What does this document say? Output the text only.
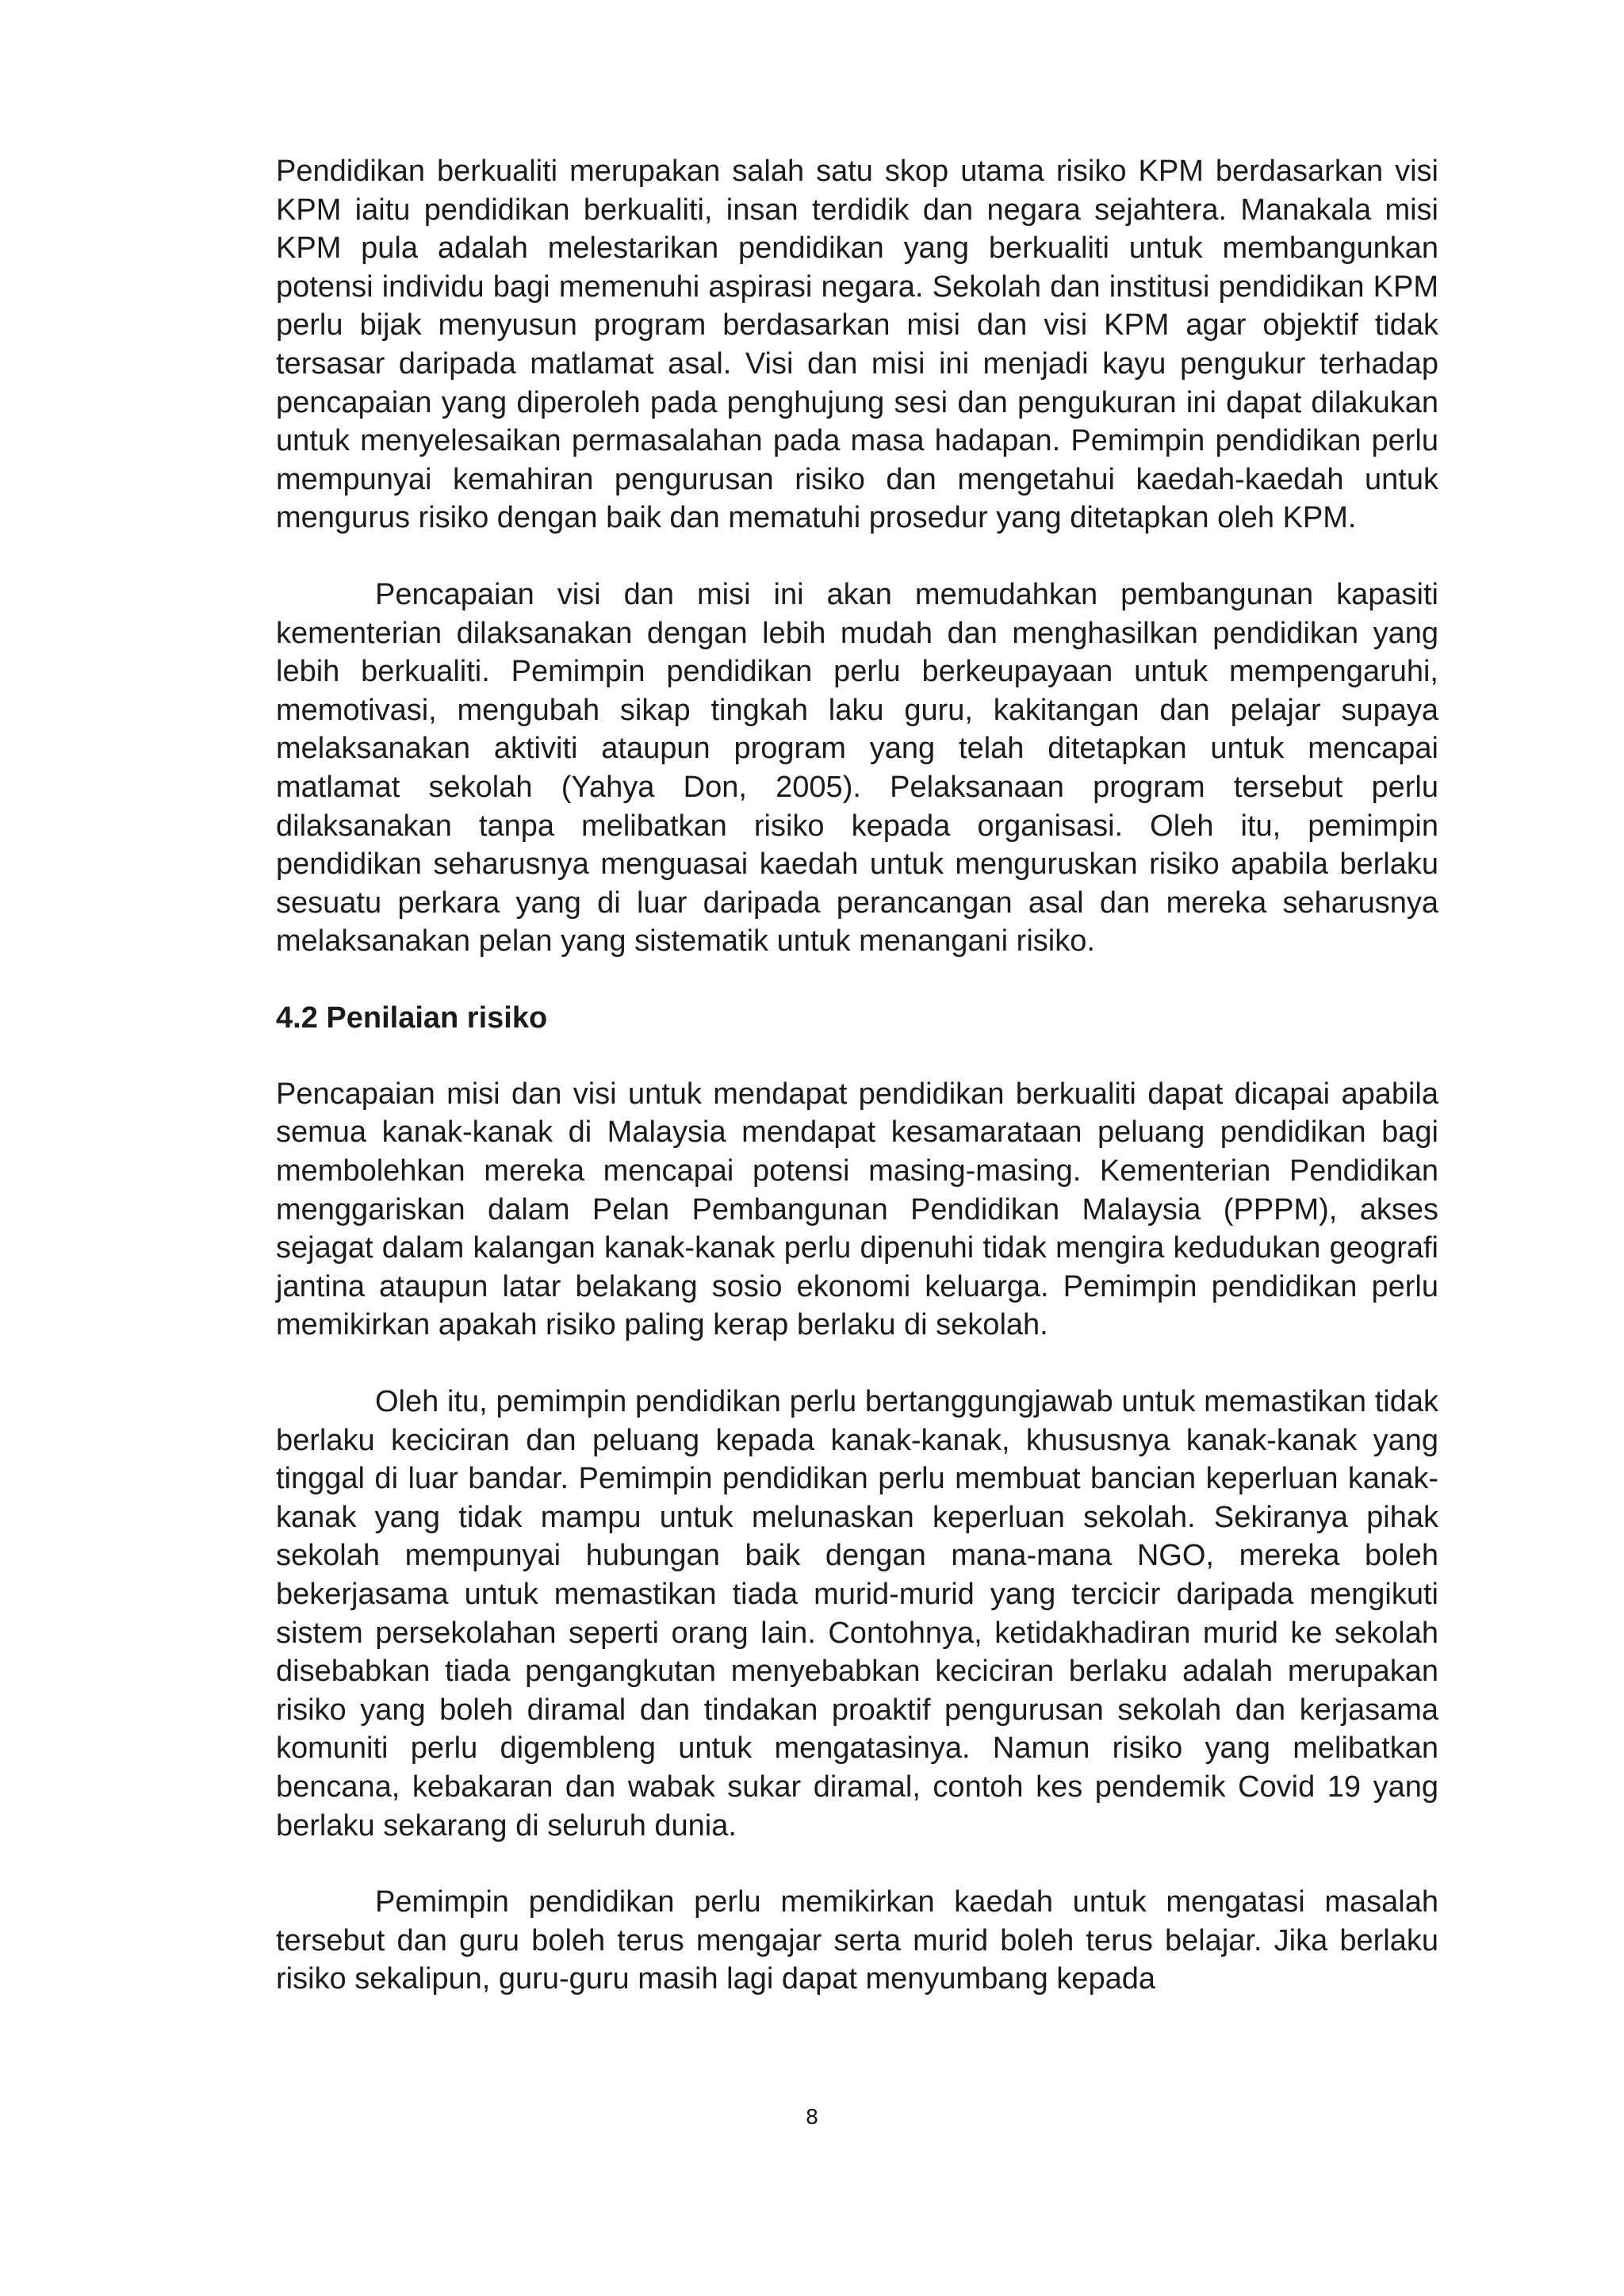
Pendidikan berkualiti merupakan salah satu skop utama risiko KPM berdasarkan visi KPM iaitu pendidikan berkualiti, insan terdidik dan negara sejahtera. Manakala misi KPM pula adalah melestarikan pendidikan yang berkualiti untuk membangunkan potensi individu bagi memenuhi aspirasi negara. Sekolah dan institusi pendidikan KPM perlu bijak menyusun program berdasarkan misi dan visi KPM agar objektif tidak tersasar daripada matlamat asal. Visi dan misi ini menjadi kayu pengukur terhadap pencapaian yang diperoleh pada penghujung sesi dan pengukuran ini dapat dilakukan untuk menyelesaikan permasalahan pada masa hadapan. Pemimpin pendidikan perlu mempunyai kemahiran pengurusan risiko dan mengetahui kaedah-kaedah untuk mengurus risiko dengan baik dan mematuhi prosedur yang ditetapkan oleh KPM.

Pencapaian visi dan misi ini akan memudahkan pembangunan kapasiti kementerian dilaksanakan dengan lebih mudah dan menghasilkan pendidikan yang lebih berkualiti. Pemimpin pendidikan perlu berkeupayaan untuk mempengaruhi, memotivasi, mengubah sikap tingkah laku guru, kakitangan dan pelajar supaya melaksanakan aktiviti ataupun program yang telah ditetapkan untuk mencapai matlamat sekolah (Yahya Don, 2005). Pelaksanaan program tersebut perlu dilaksanakan tanpa melibatkan risiko kepada organisasi. Oleh itu, pemimpin pendidikan seharusnya menguasai kaedah untuk menguruskan risiko apabila berlaku sesuatu perkara yang di luar daripada perancangan asal dan mereka seharusnya melaksanakan pelan yang sistematik untuk menangani risiko.

4.2 Penilaian risiko

Pencapaian misi dan visi untuk mendapat pendidikan berkualiti dapat dicapai apabila semua kanak-kanak di Malaysia mendapat kesamarataan peluang pendidikan bagi membolehkan mereka mencapai potensi masing-masing. Kementerian Pendidikan menggariskan dalam Pelan Pembangunan Pendidikan Malaysia (PPPM), akses sejagat dalam kalangan kanak-kanak perlu dipenuhi tidak mengira kedudukan geografi jantina ataupun latar belakang sosio ekonomi keluarga. Pemimpin pendidikan perlu memikirkan apakah risiko paling kerap berlaku di sekolah.

Oleh itu, pemimpin pendidikan perlu bertanggungjawab untuk memastikan tidak berlaku keciciran dan peluang kepada kanak-kanak, khususnya kanak-kanak yang tinggal di luar bandar. Pemimpin pendidikan perlu membuat bancian keperluan kanak-kanak yang tidak mampu untuk melunaskan keperluan sekolah. Sekiranya pihak sekolah mempunyai hubungan baik dengan mana-mana NGO, mereka boleh bekerjasama untuk memastikan tiada murid-murid yang tercicir daripada mengikuti sistem persekolahan seperti orang lain. Contohnya, ketidakhadiran murid ke sekolah disebabkan tiada pengangkutan menyebabkan keciciran berlaku adalah merupakan risiko yang boleh diramal dan tindakan proaktif pengurusan sekolah dan kerjasama komuniti perlu digembleng untuk mengatasinya. Namun risiko yang melibatkan bencana, kebakaran dan wabak sukar diramal, contoh kes pendemik Covid 19 yang berlaku sekarang di seluruh dunia.

Pemimpin pendidikan perlu memikirkan kaedah untuk mengatasi masalah tersebut dan guru boleh terus mengajar serta murid boleh terus belajar. Jika berlaku risiko sekalipun, guru-guru masih lagi dapat menyumbang kepada

8
